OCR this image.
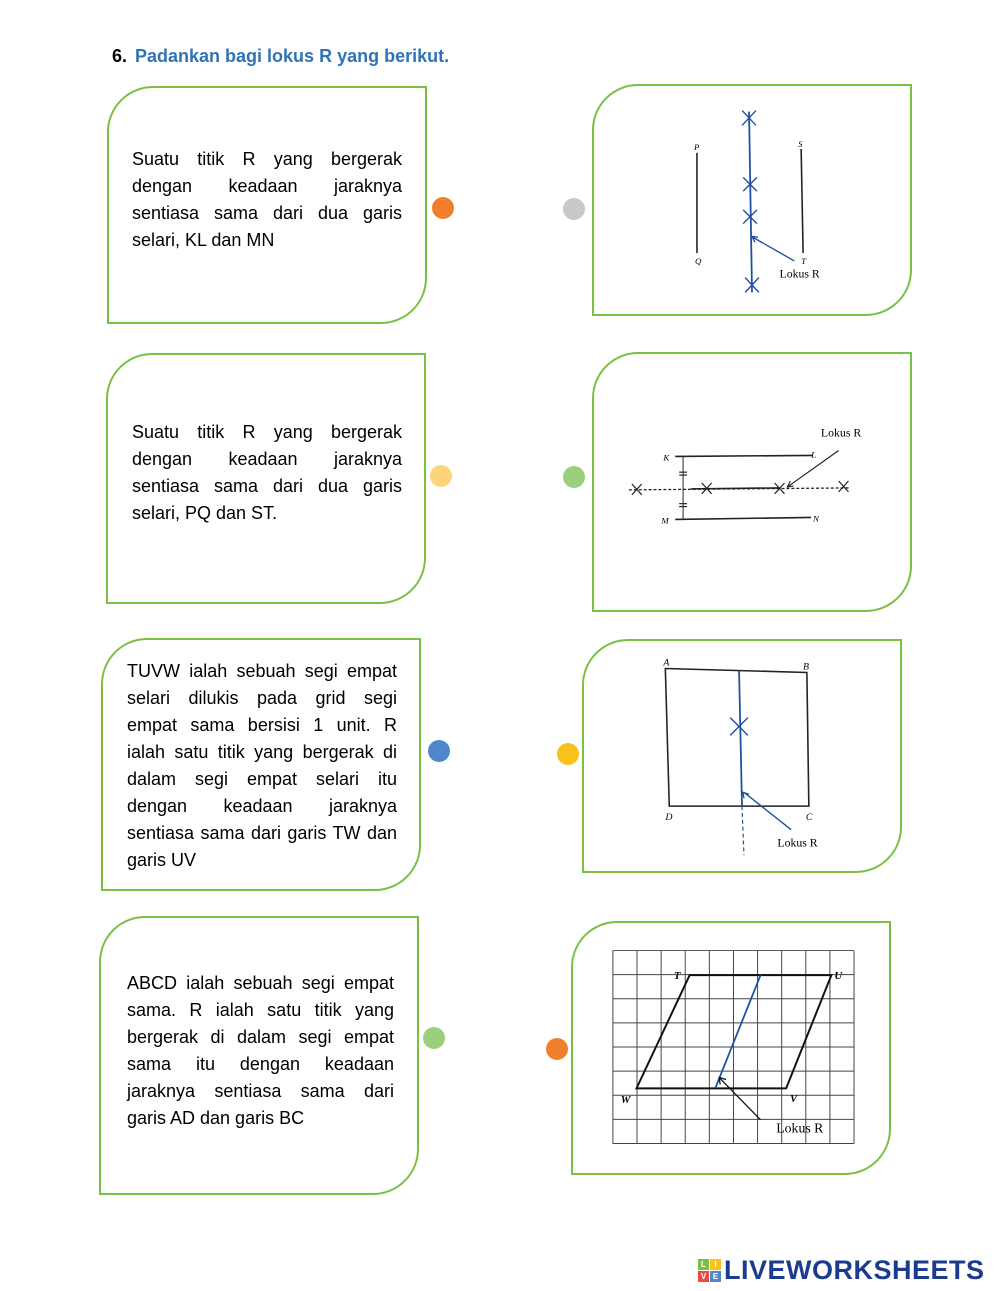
6. Padankan bagi lokus R yang berikut.
Suatu titik R yang bergerak dengan keadaan jaraknya sentiasa sama dari dua garis selari, KL dan MN
Suatu titik R yang bergerak dengan keadaan jaraknya sentiasa sama dari dua garis selari, PQ dan ST.
TUVW ialah sebuah segi empat selari dilukis pada grid segi empat sama bersisi 1 unit. R ialah satu titik yang bergerak di dalam segi empat selari itu dengan keadaan jaraknya sentiasa sama dari garis TW dan garis UV
ABCD ialah sebuah segi empat sama. R ialah satu titik yang bergerak di dalam segi empat sama itu dengan keadaan jaraknya sentiasa sama dari garis AD dan garis BC
P
Q
S
T
Lokus R
K	L
M	N
Lokus R
A	B
C
D
Lokus R
T	U
V
W
Lokus R
L	I
V E LIVEWORKSHEETS
